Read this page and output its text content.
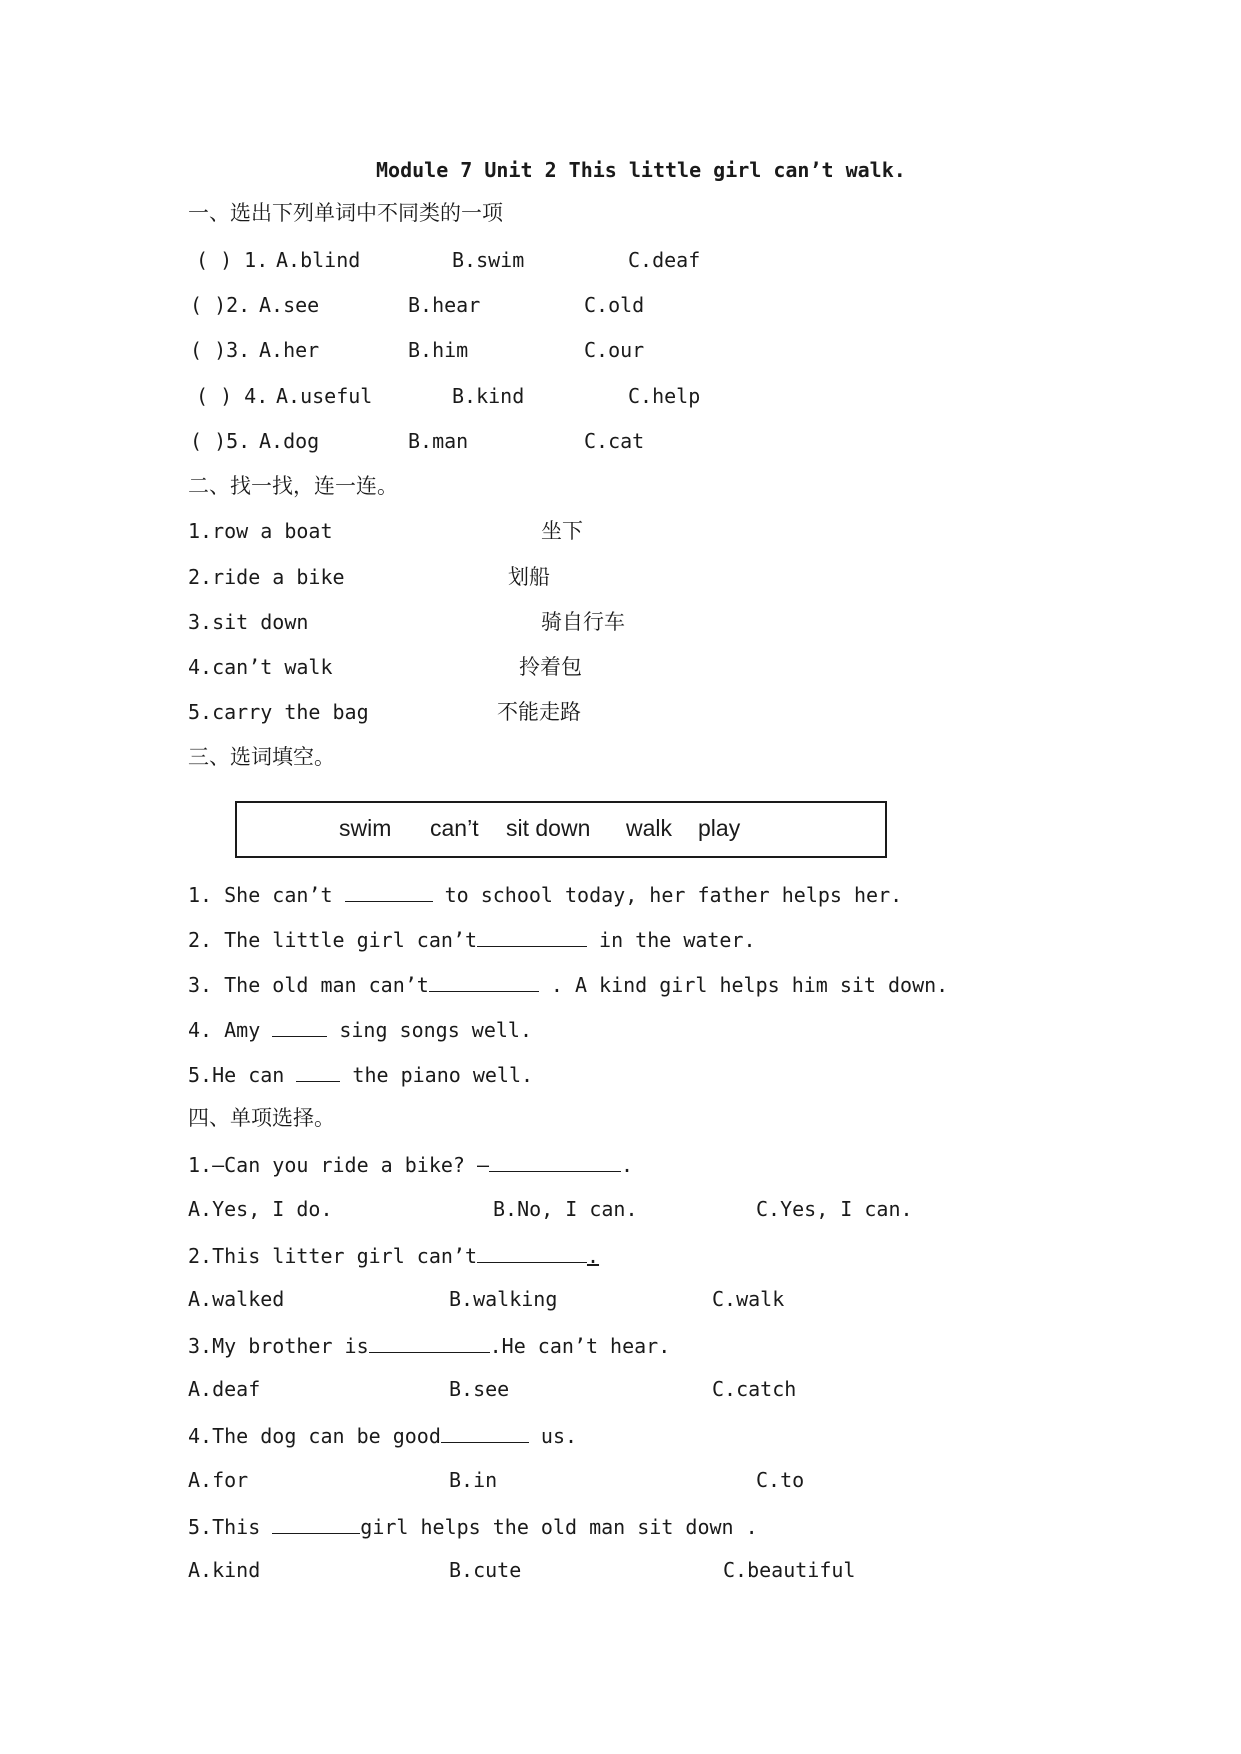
Module 7 Unit 2 This little girl can’t walk.
一、选出下列单词中不同类的一项
( ) 1. A.blind	B.swim	C.deaf
( )2. A.see	B.hear	C.old
( )3. A.her	B.him	C.our
( ) 4. A.useful	B.kind	C.help
( )5. A.dog	B.man	C.cat
二、找一找，连一连。
1.row a boat	坐下
2.ride a bike	划船
3.sit down	骑自行车
4.can’t walk	拎着包
5.carry the bag	不能走路
三、选词填空。
swim can’t sit down walk play
1. She can’t	to school today, her father helps her.
2. The little girl can’t	in the water.
3. The old man can’t	. A kind girl helps him sit down.
4. Amy	sing songs well.
5.He can  the piano well.
四、单项选择。
1.—Can you ride a bike? —	.
A.Yes, I do.	B.No, I can.	C.Yes, I can.
2.This litter girl can’t	.
A.walked	B.walking	C.walk
3.My brother is	.He can’t hear.
A.deaf	B.see	C.catch
4.The dog can be good	us.
A.for	B.in	C.to
5.This	girl helps the old man sit down .
A.kind	B.cute	C.beautiful
